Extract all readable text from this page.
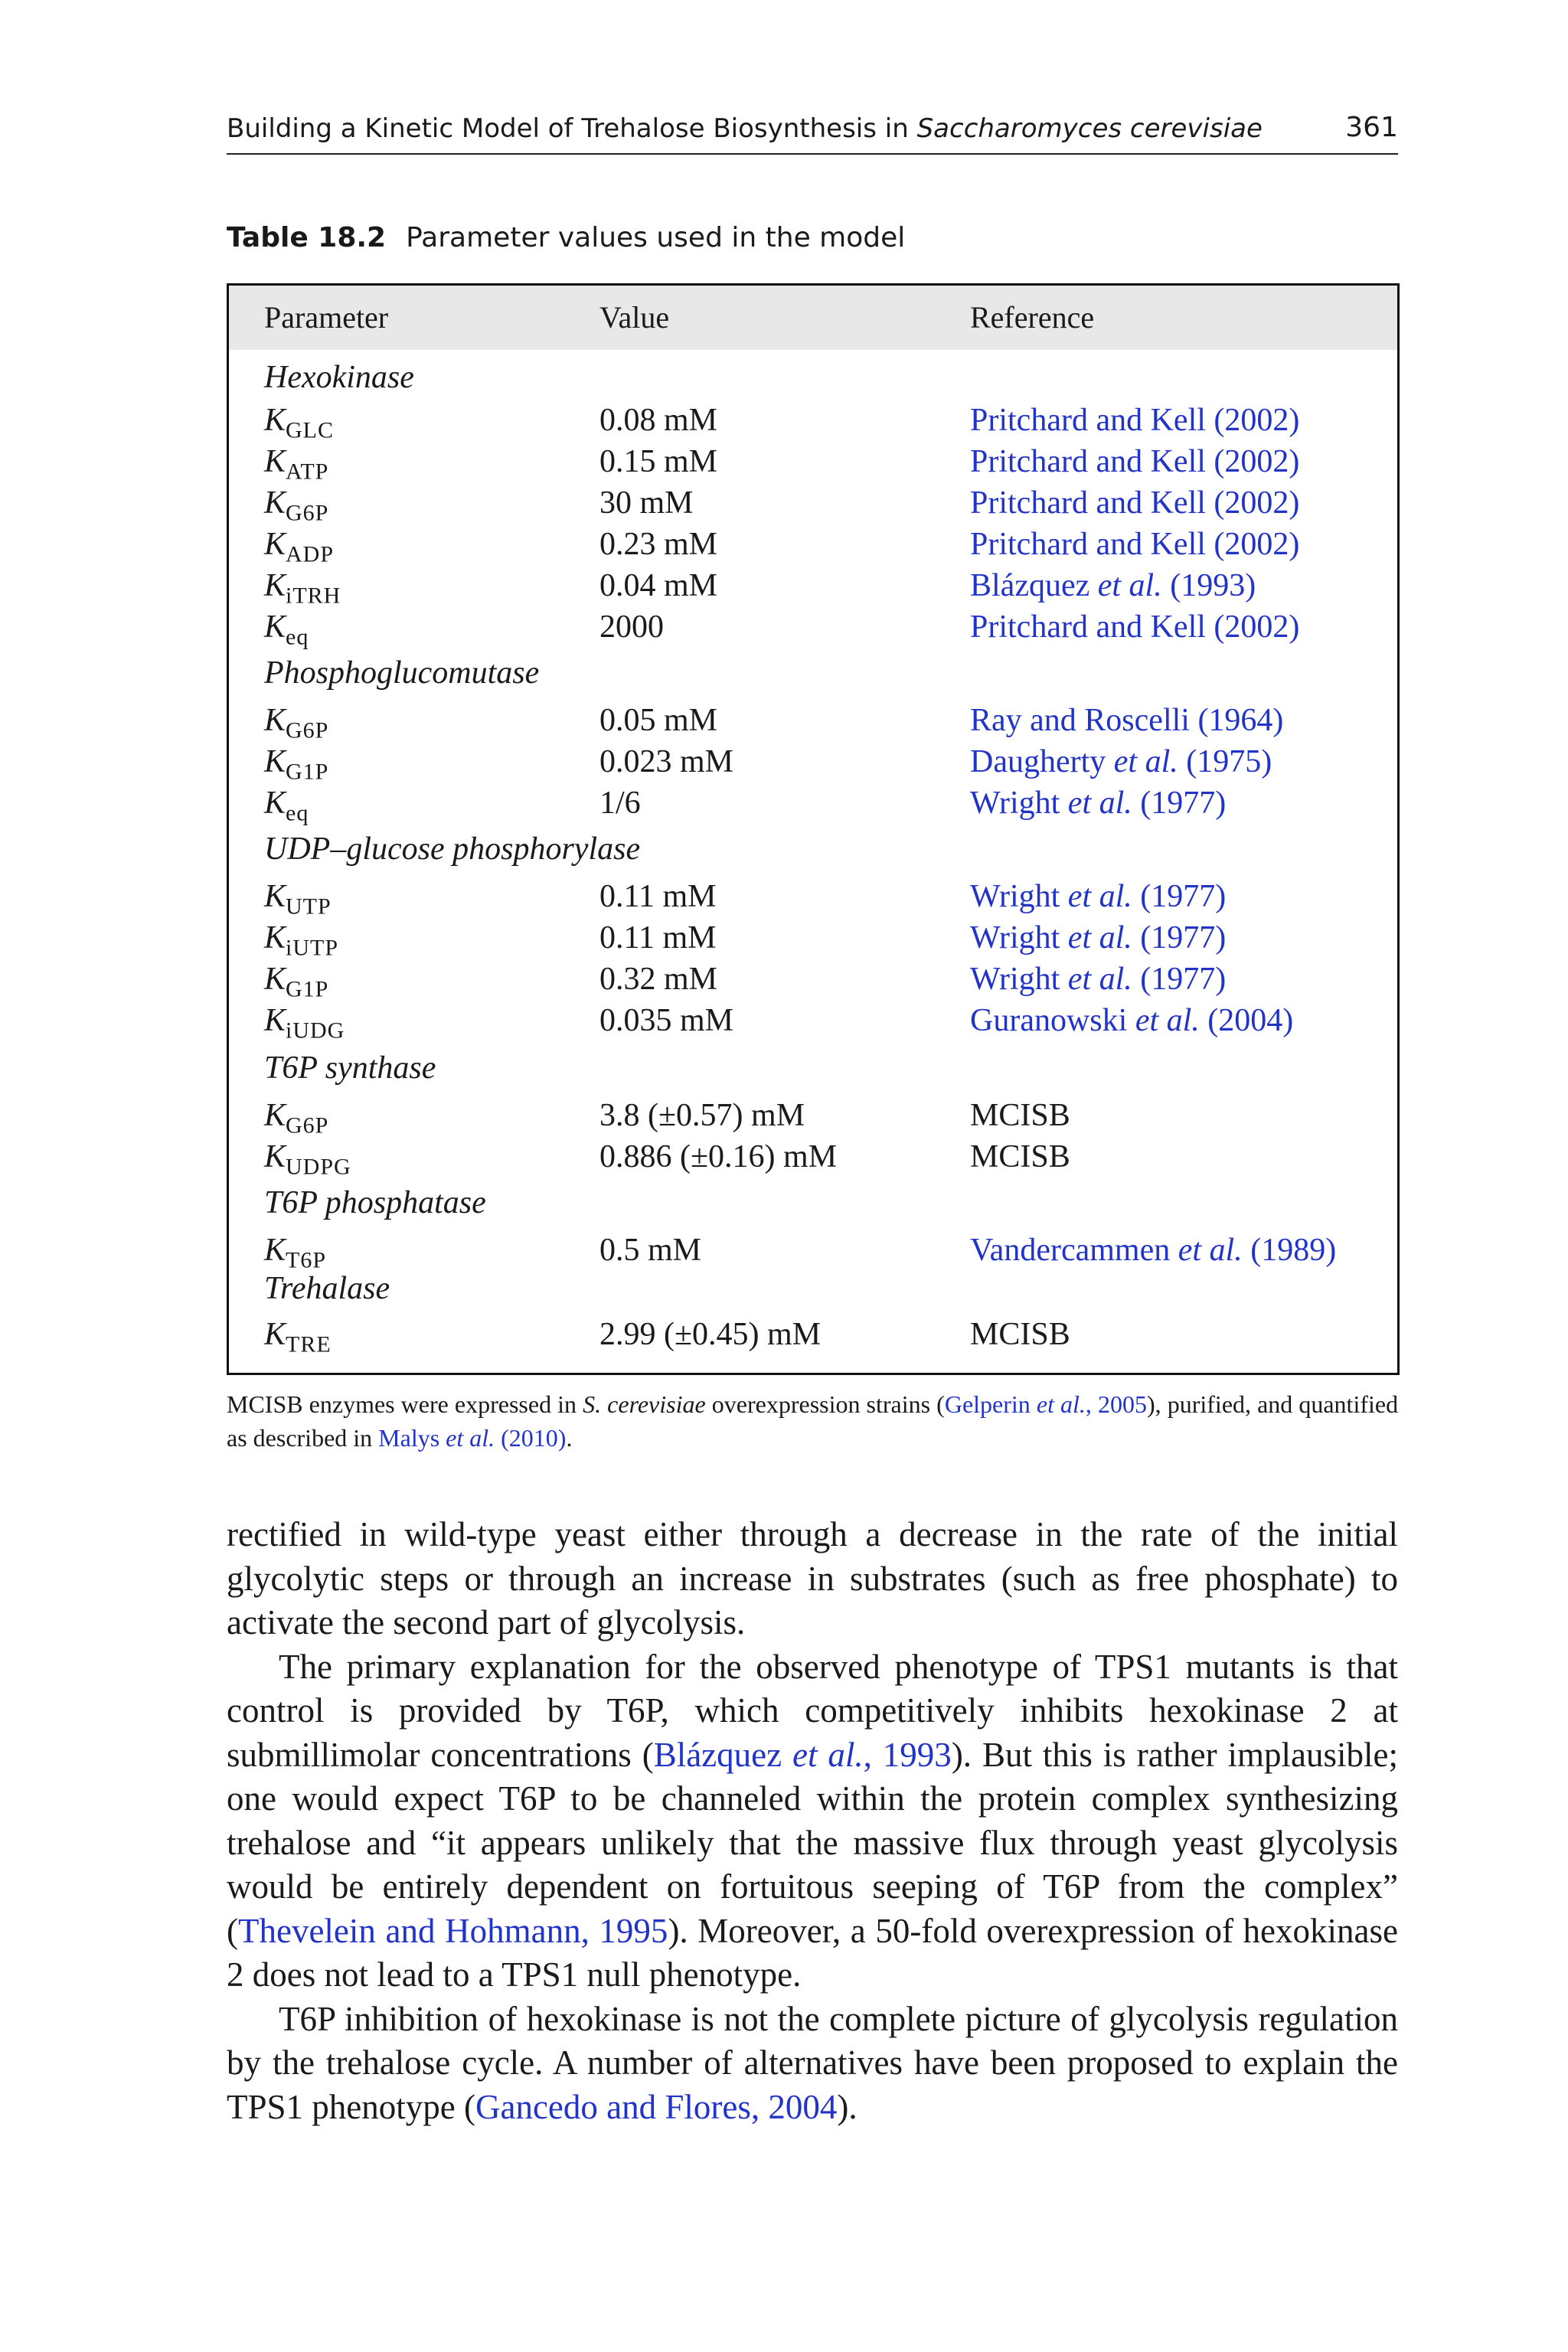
Building a Kinetic Model of Trehalose Biosynthesis in Saccharomyces cerevisiae	361
Table 18.2 Parameter values used in the model
Parameter	Value	Reference
Hexokinase
$K_{GLC}$	0.08 mM	Pritchard and Kell (2002)
$K_{ATP}$	0.15 mM	Pritchard and Kell (2002)
$K_{G6P}$	30 mM	Pritchard and Kell (2002)
$K_{ADP}$	0.23 mM	Pritchard and Kell (2002)
$K_{iTRH}$	0.04 mM	Blázquez et al. (1993)
$K_{eq}$	2000	Pritchard and Kell (2002)
Phosphoglucomutase
$K_{G6P}$	0.05 mM	Ray and Roscelli (1964)
$K_{G1P}$	0.023 mM	Daugherty et al. (1975)
$K_{eq}$	1/6	Wright et al. (1977)
UDP–glucose phosphorylase
$K_{UTP}$	0.11 mM	Wright et al. (1977)
$K_{iUTP}$	0.11 mM	Wright et al. (1977)
$K_{G1P}$	0.32 mM	Wright et al. (1977)
$K_{iUDG}$	0.035 mM	Guranowski et al. (2004)
T6P synthase
$K_{G6P}$	3.8 (±0.57) mM	MCISB
$K_{UDPG}$	0.886 (±0.16) mM	MCISB
T6P phosphatase
$K_{T6P}$	0.5 mM	Vandercammen et al. (1989)
Trehalase
$K_{TRE}$	2.99 (±0.45) mM	MCISB
MCISB enzymes were expressed in S. cerevisiae overexpression strains (Gelperin et al., 2005), purified, and quantified as described in Malys et al. (2010).

rectified in wild-type yeast either through a decrease in the rate of the initial glycolytic steps or through an increase in substrates (such as free phosphate) to activate the second part of glycolysis.

The primary explanation for the observed phenotype of TPS1 mutants is that control is provided by T6P, which competitively inhibits hexokinase 2 at submillimolar concentrations (Blázquez et al., 1993). But this is rather implausible; one would expect T6P to be channeled within the protein complex synthesizing trehalose and “it appears unlikely that the massive flux through yeast glycolysis would be entirely dependent on fortuitous seeping of T6P from the complex” (Thevelein and Hohmann, 1995). Moreover, a 50-fold overexpression of hexokinase 2 does not lead to a TPS1 null phenotype.

T6P inhibition of hexokinase is not the complete picture of glycolysis regulation by the trehalose cycle. A number of alternatives have been proposed to explain the TPS1 phenotype (Gancedo and Flores, 2004).
